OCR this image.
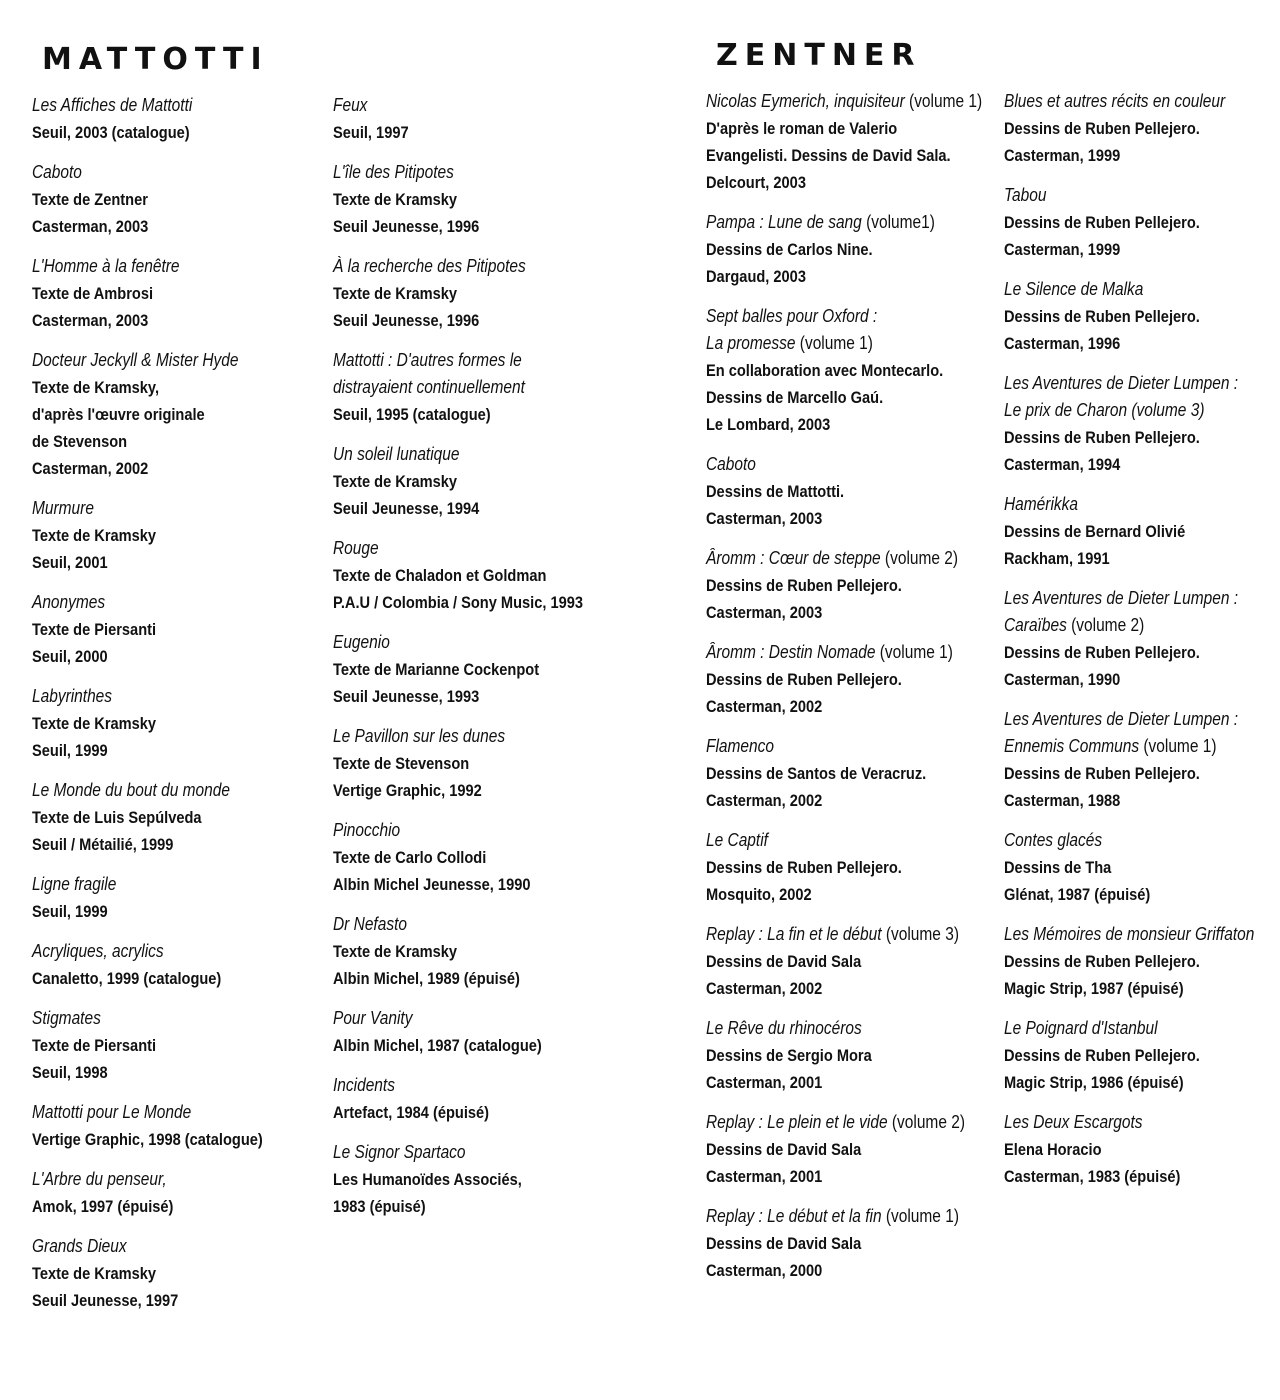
MATTOTTI	ZENTNER
Les Affiches de Mattotti
Seuil, 2003 (catalogue)
Caboto
Texte de Zentner
Casterman, 2003
L'Homme à la fenêtre
Texte de Ambrosi
Casterman, 2003
Docteur Jeckyll & Mister Hyde
Texte de Kramsky,
d'après l'œuvre originale
de Stevenson
Casterman, 2002
Murmure
Texte de Kramsky
Seuil, 2001
Anonymes
Texte de Piersanti
Seuil, 2000
Labyrinthes
Texte de Kramsky
Seuil, 1999
Le Monde du bout du monde
Texte de Luis Sepúlveda
Seuil / Métailié, 1999
Ligne fragile
Seuil, 1999
Acryliques, acrylics
Canaletto, 1999 (catalogue)
Stigmates
Texte de Piersanti
Seuil, 1998
Mattotti pour Le Monde
Vertige Graphic, 1998 (catalogue)
L'Arbre du penseur,
Amok, 1997 (épuisé)
Grands Dieux
Texte de Kramsky
Seuil Jeunesse, 1997
Feux
Seuil, 1997
L'île des Pitipotes
Texte de Kramsky
Seuil Jeunesse, 1996
À la recherche des Pitipotes
Texte de Kramsky
Seuil Jeunesse, 1996
Mattotti : D'autres formes le
distrayaient continuellement
Seuil, 1995 (catalogue)
Un soleil lunatique
Texte de Kramsky
Seuil Jeunesse, 1994
Rouge
Texte de Chaladon et Goldman
P.A.U / Colombia / Sony Music, 1993
Eugenio
Texte de Marianne Cockenpot
Seuil Jeunesse, 1993
Le Pavillon sur les dunes
Texte de Stevenson
Vertige Graphic, 1992
Pinocchio
Texte de Carlo Collodi
Albin Michel Jeunesse, 1990
Dr Nefasto
Texte de Kramsky
Albin Michel, 1989 (épuisé)
Pour Vanity
Albin Michel, 1987 (catalogue)
Incidents
Artefact, 1984 (épuisé)
Le Signor Spartaco
Les Humanoïdes Associés,
1983 (épuisé)
Nicolas Eymerich, inquisiteur (volume 1)
D'après le roman de Valerio
Evangelisti. Dessins de David Sala.
Delcourt, 2003
Pampa : Lune de sang (volume1)
Dessins de Carlos Nine.
Dargaud, 2003
Sept balles pour Oxford :
La promesse (volume 1)
En collaboration avec Montecarlo.
Dessins de Marcello Gaú.
Le Lombard, 2003
Caboto
Dessins de Mattotti.
Casterman, 2003
Âromm : Cœur de steppe (volume 2)
Dessins de Ruben Pellejero.
Casterman, 2003
Âromm : Destin Nomade (volume 1)
Dessins de Ruben Pellejero.
Casterman, 2002
Flamenco
Dessins de Santos de Veracruz.
Casterman, 2002
Le Captif
Dessins de Ruben Pellejero.
Mosquito, 2002
Replay : La fin et le début (volume 3)
Dessins de David Sala
Casterman, 2002
Le Rêve du rhinocéros
Dessins de Sergio Mora
Casterman, 2001
Replay : Le plein et le vide (volume 2)
Dessins de David Sala
Casterman, 2001
Replay : Le début et la fin (volume 1)
Dessins de David Sala
Casterman, 2000
Blues et autres récits en couleur
Dessins de Ruben Pellejero.
Casterman, 1999
Tabou
Dessins de Ruben Pellejero.
Casterman, 1999
Le Silence de Malka
Dessins de Ruben Pellejero.
Casterman, 1996
Les Aventures de Dieter Lumpen :
Le prix de Charon (volume 3)
Dessins de Ruben Pellejero.
Casterman, 1994
Hamérikka
Dessins de Bernard Olivié
Rackham, 1991
Les Aventures de Dieter Lumpen :
Caraïbes (volume 2)
Dessins de Ruben Pellejero.
Casterman, 1990
Les Aventures de Dieter Lumpen :
Ennemis Communs (volume 1)
Dessins de Ruben Pellejero.
Casterman, 1988
Contes glacés
Dessins de Tha
Glénat, 1987 (épuisé)
Les Mémoires de monsieur Griffaton
Dessins de Ruben Pellejero.
Magic Strip, 1987 (épuisé)
Le Poignard d'Istanbul
Dessins de Ruben Pellejero.
Magic Strip, 1986 (épuisé)
Les Deux Escargots
Elena Horacio
Casterman, 1983 (épuisé)
